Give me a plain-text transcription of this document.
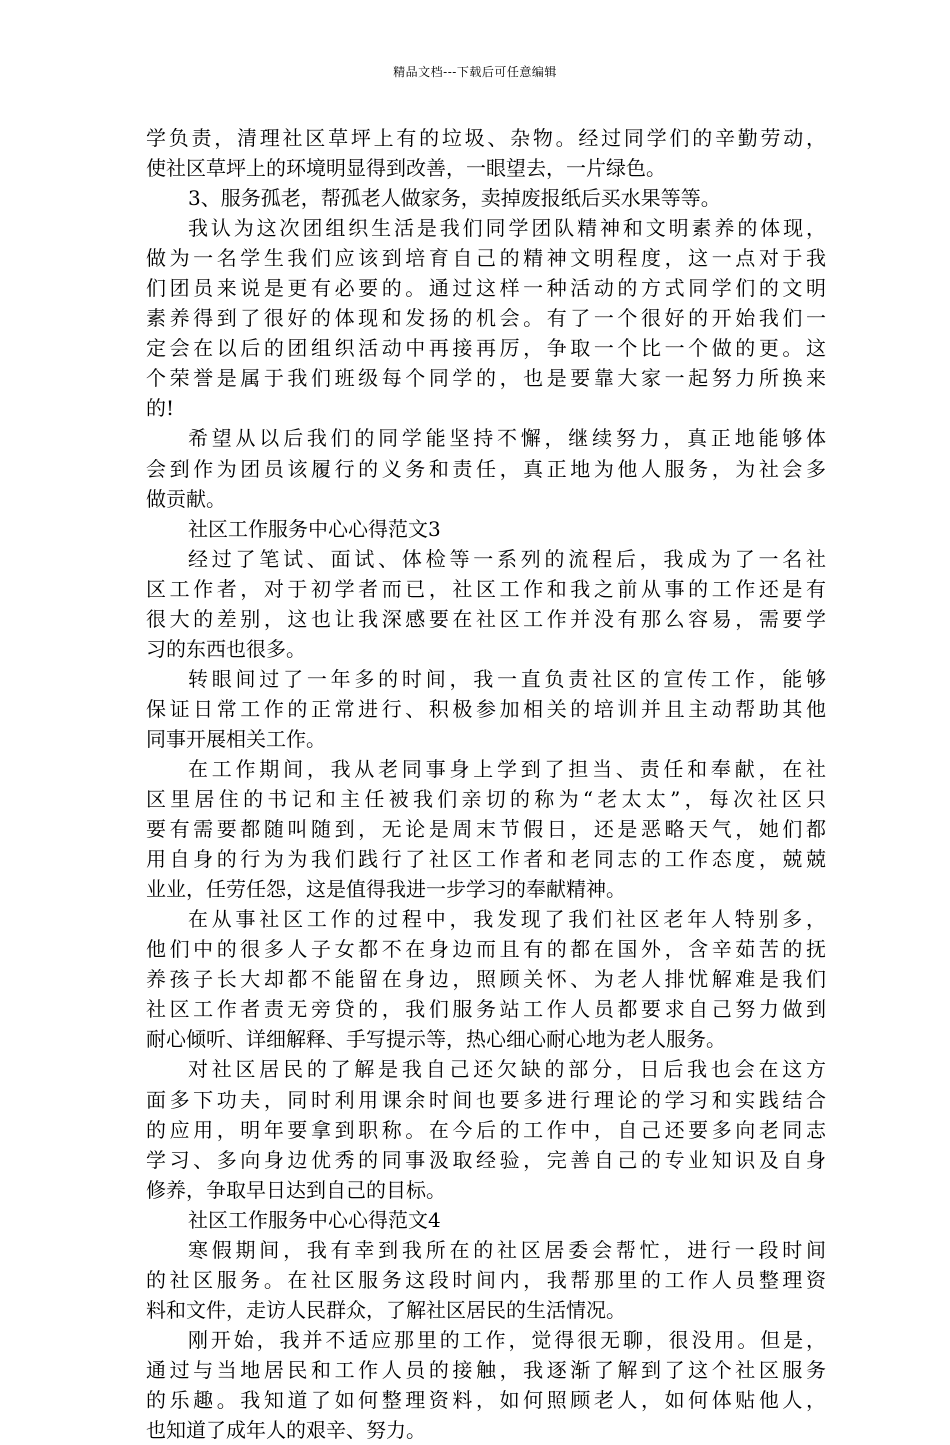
精品文档---下载后可任意编辑
学负责，清理社区草坪上有的垃圾、杂物。经过同学们的辛勤劳动，
使社区草坪上的环境明显得到改善，一眼望去，一片绿色。
3、服务孤老，帮孤老人做家务，卖掉废报纸后买水果等等。
我认为这次团组织生活是我们同学团队精神和文明素养的体现，
做为一名学生我们应该到培育自己的精神文明程度，这一点对于我
们团员来说是更有必要的。通过这样一种活动的方式同学们的文明
素养得到了很好的体现和发扬的机会。有了一个很好的开始我们一
定会在以后的团组织活动中再接再厉，争取一个比一个做的更。这
个荣誉是属于我们班级每个同学的，也是要靠大家一起努力所换来
的!
希望从以后我们的同学能坚持不懈，继续努力，真正地能够体
会到作为团员该履行的义务和责任，真正地为他人服务，为社会多
做贡献。
社区工作服务中心心得范文3
经过了笔试、面试、体检等一系列的流程后，我成为了一名社
区工作者，对于初学者而已，社区工作和我之前从事的工作还是有
很大的差别，这也让我深感要在社区工作并没有那么容易，需要学
习的东西也很多。
转眼间过了一年多的时间，我一直负责社区的宣传工作，能够
保证日常工作的正常进行、积极参加相关的培训并且主动帮助其他
同事开展相关工作。
在工作期间，我从老同事身上学到了担当、责任和奉献，在社
区里居住的书记和主任被我们亲切的称为“老太太”，每次社区只
要有需要都随叫随到，无论是周末节假日，还是恶略天气，她们都
用自身的行为为我们践行了社区工作者和老同志的工作态度，兢兢
业业，任劳任怨，这是值得我进一步学习的奉献精神。
在从事社区工作的过程中，我发现了我们社区老年人特别多，
他们中的很多人子女都不在身边而且有的都在国外，含辛茹苦的抚
养孩子长大却都不能留在身边，照顾关怀、为老人排忧解难是我们
社区工作者责无旁贷的，我们服务站工作人员都要求自己努力做到
耐心倾听、详细解释、手写提示等，热心细心耐心地为老人服务。
对社区居民的了解是我自己还欠缺的部分，日后我也会在这方
面多下功夫，同时利用课余时间也要多进行理论的学习和实践结合
的应用，明年要拿到职称。在今后的工作中，自己还要多向老同志
学习、多向身边优秀的同事汲取经验，完善自己的专业知识及自身
修养，争取早日达到自己的目标。
社区工作服务中心心得范文4
寒假期间，我有幸到我所在的社区居委会帮忙，进行一段时间
的社区服务。在社区服务这段时间内，我帮那里的工作人员整理资
料和文件，走访人民群众，了解社区居民的生活情况。
刚开始，我并不适应那里的工作，觉得很无聊，很没用。但是，
通过与当地居民和工作人员的接触，我逐渐了解到了这个社区服务
的乐趣。我知道了如何整理资料，如何照顾老人，如何体贴他人，
也知道了成年人的艰辛、努力。
